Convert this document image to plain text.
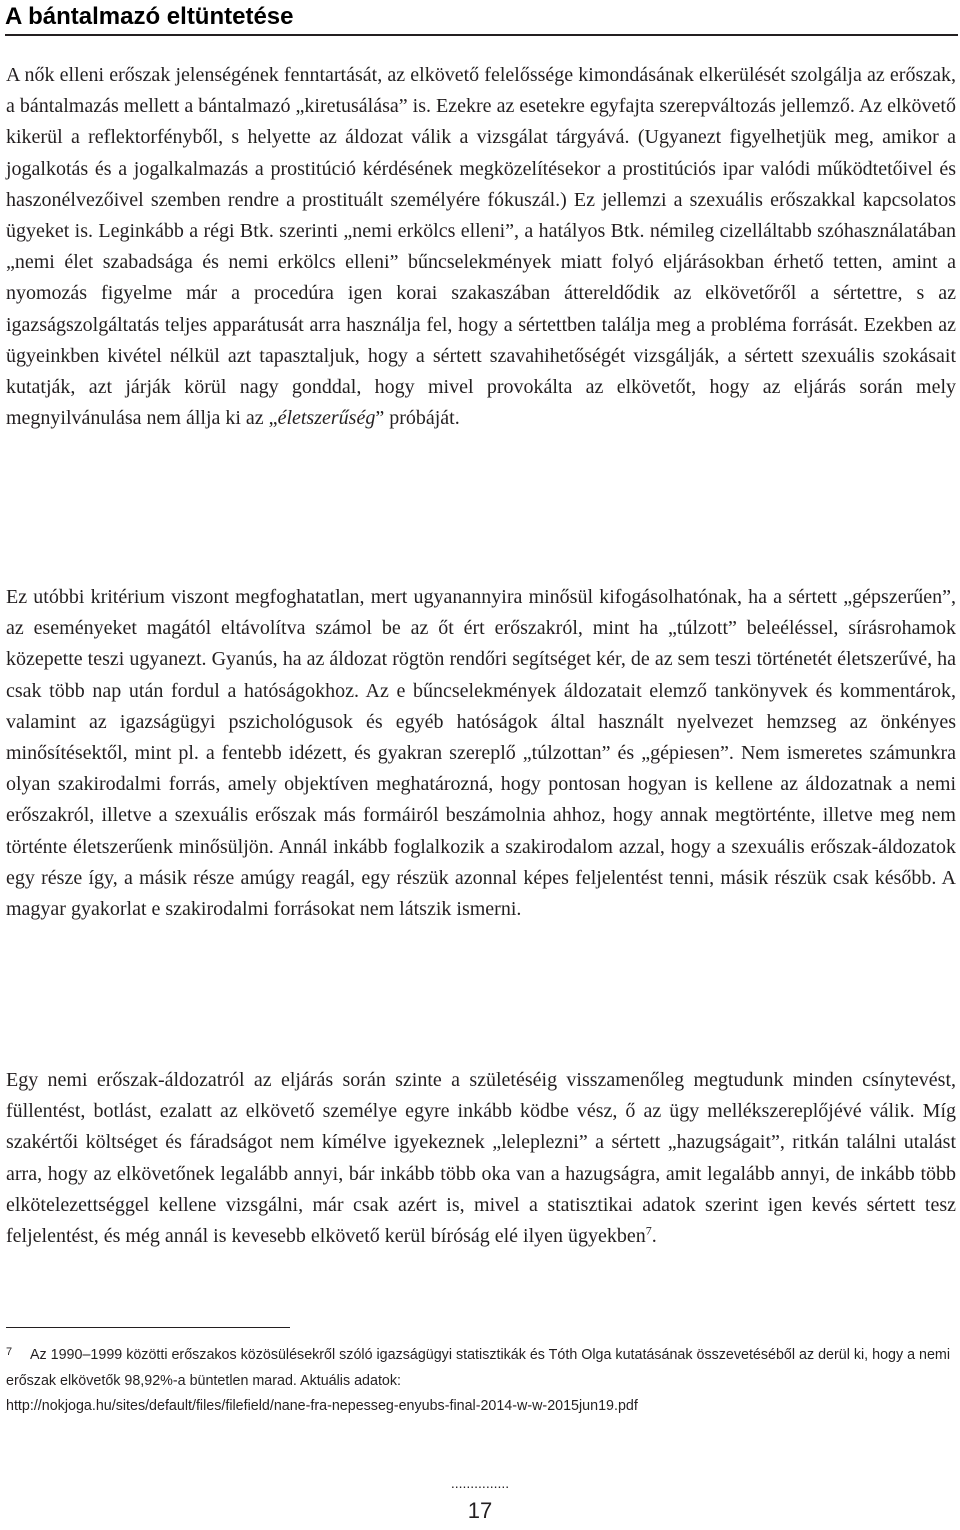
A bántalmazó eltüntetése

A nők elleni erőszak jelenségének fenntartását, az elkövető felelőssége kimondásának elkerülését szolgálja az erőszak, a bántalmazás mellett a bántalmazó „kiretusálása” is. Ezekre az esetekre egyfajta szerepváltozás jellemző. Az elkövető kikerül a reflektorfényből, s helyette az áldozat válik a vizsgálat tárgyává. (Ugyanezt figyelhetjük meg, amikor a jogalkotás és a jogalkalmazás a prostitúció kérdésének megközelítésekor a prostitúciós ipar valódi működtetőivel és haszonélvezőivel szemben rendre a prostituált személyére fókuszál.) Ez jellemzi a szexuális erőszakkal kapcsolatos ügyeket is. Leginkább a régi Btk. szerinti „nemi erkölcs elleni”, a hatályos Btk. némileg cizelláltabb szóhasználatában „nemi élet szabadsága és nemi erkölcs elleni” bűncselekmények miatt folyó eljárásokban érhető tetten, amint a nyomozás figyelme már a procedúra igen korai szakaszában áttereldődik az elkövetőről a sértettre, s az igazságszolgáltatás teljes apparátusát arra használja fel, hogy a sértettben találja meg a probléma forrását. Ezekben az ügyeinkben kivétel nélkül azt tapasztaljuk, hogy a sértett szavahihetőségét vizsgálják, a sértett szexuális szokásait kutatják, azt járják körül nagy gonddal, hogy mivel provokálta az elkövetőt, hogy az eljárás során mely megnyilvánulása nem állja ki az „életszerűség” próbáját.

Ez utóbbi kritérium viszont megfoghatatlan, mert ugyanannyira minősül kifogásolhatónak, ha a sértett „gépszerűen”, az eseményeket magától eltávolítva számol be az őt ért erőszakról, mint ha „túlzott” beleéléssel, sírásrohamok közepette teszi ugyanezt. Gyanús, ha az áldozat rögtön rendőri segítséget kér, de az sem teszi történetét életszerűvé, ha csak több nap után fordul a hatóságokhoz. Az e bűncselekmények áldozatait elemző tankönyvek és kommentárok, valamint az igazságügyi pszichológusok és egyéb hatóságok által használt nyelvezet hemzseg az önkényes minősítésektől, mint pl. a fentebb idézett, és gyakran szereplő „túlzottan” és „gépiesen”. Nem ismeretes számunkra olyan szakirodalmi forrás, amely objektíven meghatározná, hogy pontosan hogyan is kellene az áldozatnak a nemi erőszakról, illetve a szexuális erőszak más formáiról beszámolnia ahhoz, hogy annak megtörténte, illetve meg nem történte életszerűenk minősüljön. Annál inkább foglalkozik a szakirodalom azzal, hogy a szexuális erőszak-áldozatok egy része így, a másik része amúgy reagál, egy részük azonnal képes feljelentést tenni, másik részük csak később. A magyar gyakorlat e szakirodalmi forrásokat nem látszik ismerni.

Egy nemi erőszak-áldozatról az eljárás során szinte a születéséig visszamenőleg megtudunk minden csínytevést, füllentést, botlást, ezalatt az elkövető személye egyre inkább ködbe vész, ő az ügy mellékszereplőjévé válik. Míg szakértői költséget és fáradságot nem kímélve igyekeznek „leleplezni” a sértett „hazugságait”, ritkán találni utalást arra, hogy az elkövetőnek legalább annyi, bár inkább több oka van a hazugságra, amit legalább annyi, de inkább több elkötelezettséggel kellene vizsgálni, már csak azért is, mivel a statisztikai adatok szerint igen kevés sértett tesz feljelentést, és még annál is kevesebb elkövető kerül bíróság elé ilyen ügyekben$^7$.

7 Az 1990–1999 közötti erőszakos közösülésekről szóló igazságügyi statisztikák és Tóth Olga kutatásának összevetéséből az derül ki, hogy a nemi erőszak elkövetők 98,92%-a büntetlen marad. Aktuális adatok:
http://nokjoga.hu/sites/default/files/filefield/nane-fra-nepesseg-enyubs-final-2014-w-w-2015jun19.pdf

...............
17
